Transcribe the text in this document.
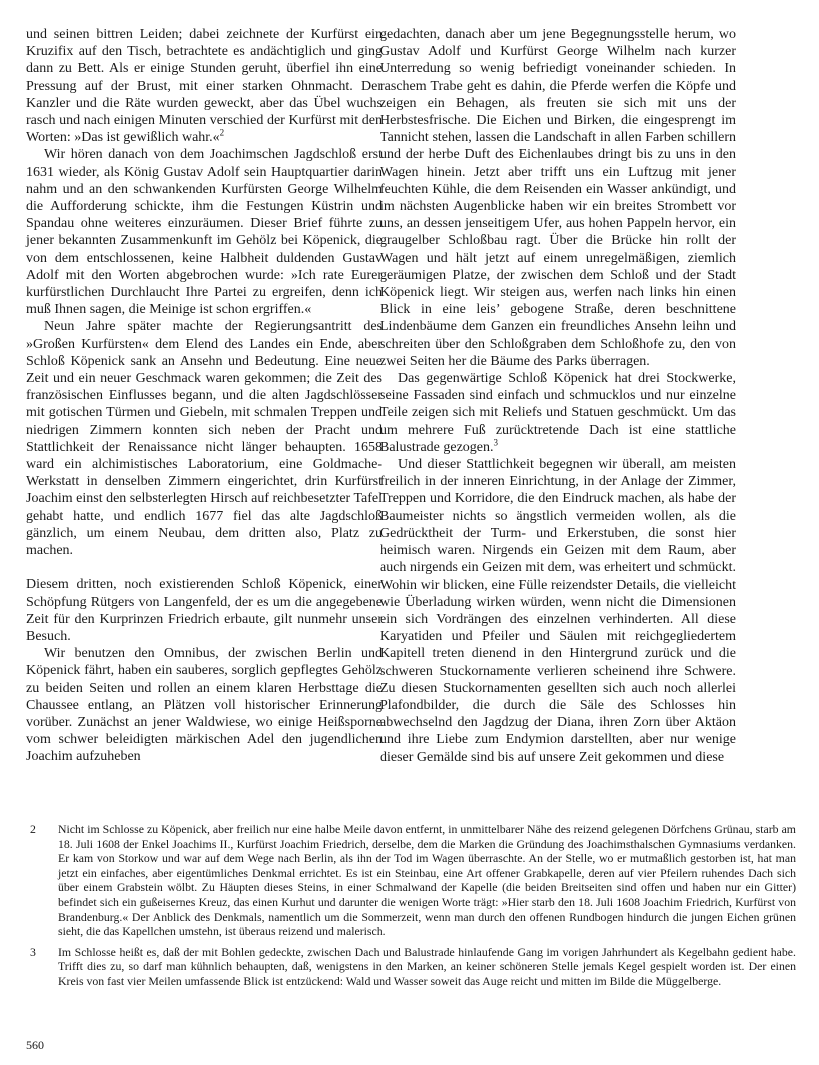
und seinen bittren Leiden; dabei zeichnete der Kurfürst ein Kruzifix auf den Tisch, betrachtete es andächtiglich und ging dann zu Bett. Als er einige Stunden geruht, überfiel ihn eine Pressung auf der Brust, mit einer starken Ohnmacht. Der Kanzler und die Räte wurden geweckt, aber das Übel wuchs rasch und nach einigen Minuten verschied der Kurfürst mit den Worten: »Das ist gewißlich wahr.«$^2$

Wir hören danach von dem Joachimschen Jagdschloß erst 1631 wieder, als König Gustav Adolf sein Hauptquartier darin nahm und an den schwankenden Kurfürsten George Wilhelm die Aufforderung schickte, ihm die Festungen Küstrin und Spandau ohne weiteres einzuräumen. Dieser Brief führte zu jener bekannten Zusammenkunft im Gehölz bei Köpenick, die von dem entschlossenen, keine Halbheit duldenden Gustav Adolf mit den Worten abgebrochen wurde: »Ich rate Eurer kurfürstlichen Durchlaucht Ihre Partei zu ergreifen, denn ich muß Ihnen sagen, die Meinige ist schon ergriffen.«

Neun Jahre später machte der Regierungsantritt des »Großen Kurfürsten« dem Elend des Landes ein Ende, aber Schloß Köpenick sank an Ansehn und Bedeutung. Eine neue Zeit und ein neuer Geschmack waren gekommen; die Zeit des französischen Einflusses begann, und die alten Jagdschlösser mit gotischen Türmen und Giebeln, mit schmalen Treppen und niedrigen Zimmern konnten sich neben der Pracht und Stattlichkeit der Renaissance nicht länger behaupten. 1658 ward ein alchimistisches Laboratorium, eine Goldmache-Werkstatt in denselben Zimmern eingerichtet, drin Kurfürst Joachim einst den selbsterlegten Hirsch auf reichbesetzter Tafel gehabt hatte, und endlich 1677 fiel das alte Jagdschloß gänzlich, um einem Neubau, dem dritten also, Platz zu machen.

Diesem dritten, noch existierenden Schloß Köpenick, einer Schöpfung Rütgers von Langenfeld, der es um die angegebene Zeit für den Kurprinzen Friedrich erbaute, gilt nunmehr unser Besuch.

Wir benutzen den Omnibus, der zwischen Berlin und Köpenick fährt, haben ein sauberes, sorglich gepflegtes Gehölz zu beiden Seiten und rollen an einem klaren Herbsttage die Chaussee entlang, an Plätzen voll historischer Erinnerung vorüber. Zunächst an jener Waldwiese, wo einige Heißsporne vom schwer beleidigten märkischen Adel den jugendlichen Joachim aufzuheben

gedachten, danach aber um jene Begegnungsstelle herum, wo Gustav Adolf und Kurfürst George Wilhelm nach kurzer Unterredung so wenig befriedigt voneinander schieden. In raschem Trabe geht es dahin, die Pferde werfen die Köpfe und zeigen ein Behagen, als freuten sie sich mit uns der Herbstesfrische. Die Eichen und Birken, die eingesprengt im Tannicht stehen, lassen die Landschaft in allen Farben schillern und der herbe Duft des Eichenlaubes dringt bis zu uns in den Wagen hinein. Jetzt aber trifft uns ein Luftzug mit jener feuchten Kühle, die dem Reisenden ein Wasser ankündigt, und im nächsten Augenblicke haben wir ein breites Strombett vor uns, an dessen jenseitigem Ufer, aus hohen Pappeln hervor, ein graugelber Schloßbau ragt. Über die Brücke hin rollt der Wagen und hält jetzt auf einem unregelmäßigen, ziemlich geräumigen Platze, der zwischen dem Schloß und der Stadt Köpenick liegt. Wir steigen aus, werfen nach links hin einen Blick in eine leis’ gebogene Straße, deren beschnittene Lindenbäume dem Ganzen ein freundliches Ansehn leihn und schreiten über den Schloßgraben dem Schloßhofe zu, den von zwei Seiten her die Bäume des Parks überragen.

Das gegenwärtige Schloß Köpenick hat drei Stockwerke, seine Fassaden sind einfach und schmucklos und nur einzelne Teile zeigen sich mit Reliefs und Statuen geschmückt. Um das um mehrere Fuß zurücktretende Dach ist eine stattliche Balustrade gezogen.$^3$

Und dieser Stattlichkeit begegnen wir überall, am meisten freilich in der inneren Einrichtung, in der Anlage der Zimmer, Treppen und Korridore, die den Eindruck machen, als habe der Baumeister nichts so ängstlich vermeiden wollen, als die Gedrücktheit der Turm- und Erkerstuben, die sonst hier heimisch waren. Nirgends ein Geizen mit dem Raum, aber auch nirgends ein Geizen mit dem, was erheitert und schmückt. Wohin wir blicken, eine Fülle reizendster Details, die vielleicht wie Überladung wirken würden, wenn nicht die Dimensionen ein sich Vordrängen des einzelnen verhinderten. All diese Karyatiden und Pfeiler und Säulen mit reichgegliedertem Kapitell treten dienend in den Hintergrund zurück und die schweren Stuckornamente verlieren scheinend ihre Schwere. Zu diesen Stuckornamenten gesellten sich auch noch allerlei Plafondbilder, die durch die Säle des Schlosses hin abwechselnd den Jagdzug der Diana, ihren Zorn über Aktäon und ihre Liebe zum Endymion darstellten, aber nur wenige dieser Gemälde sind bis auf unsere Zeit gekommen und diese

2 Nicht im Schlosse zu Köpenick, aber freilich nur eine halbe Meile davon entfernt, in unmittelbarer Nähe des reizend gelegenen Dörfchens Grünau, starb am 18. Juli 1608 der Enkel Joachims II., Kurfürst Joachim Friedrich, derselbe, dem die Marken die Gründung des Joachimsthalschen Gymnasiums verdanken. Er kam von Storkow und war auf dem Wege nach Berlin, als ihn der Tod im Wagen überraschte. An der Stelle, wo er mutmaßlich gestorben ist, hat man jetzt ein einfaches, aber eigentümliches Denkmal errichtet. Es ist ein Steinbau, eine Art offener Grabkapelle, deren auf vier Pfeilern ruhendes Dach sich über einem Grabstein wölbt. Zu Häupten dieses Steins, in einer Schmalwand der Kapelle (die beiden Breitseiten sind offen und haben nur ein Gitter) befindet sich ein gußeisernes Kreuz, das einen Kurhut und darunter die wenigen Worte trägt: »Hier starb den 18. Juli 1608 Joachim Friedrich, Kurfürst von Brandenburg.« Der Anblick des Denkmals, namentlich um die Sommerzeit, wenn man durch den offenen Rundbogen hindurch die jungen Eichen grünen sieht, die das Kapellchen umstehn, ist überaus reizend und malerisch.
3 Im Schlosse heißt es, daß der mit Bohlen gedeckte, zwischen Dach und Balustrade hinlaufende Gang im vorigen Jahrhundert als Kegelbahn gedient habe. Trifft dies zu, so darf man kühnlich behaupten, daß, wenigstens in den Marken, an keiner schöneren Stelle jemals Kegel gespielt worden ist. Der einen Kreis von fast vier Meilen umfassende Blick ist entzückend: Wald und Wasser soweit das Auge reicht und mitten im Bilde die Müggelberge.
560
